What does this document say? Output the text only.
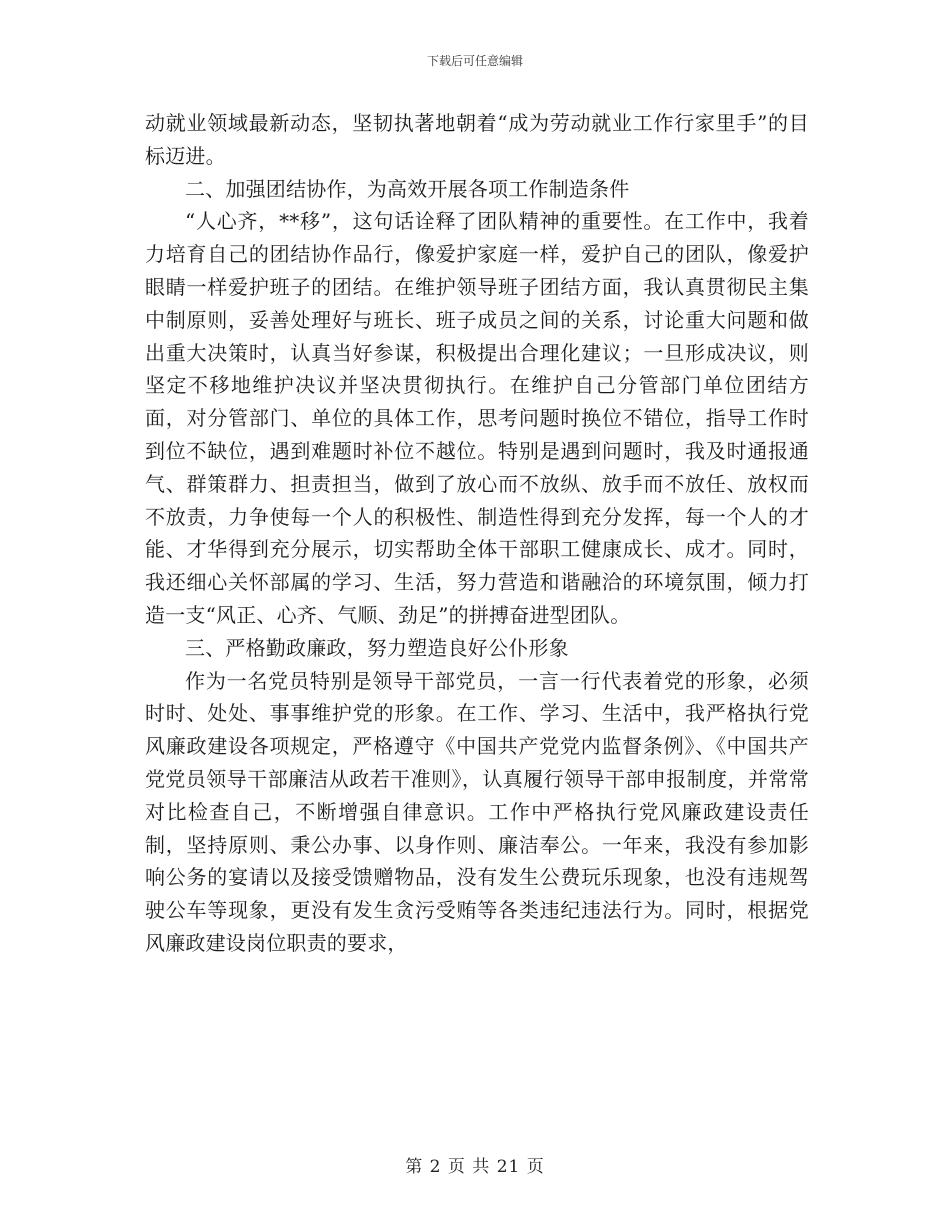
下载后可任意编辑

动就业领域最新动态，坚韧执著地朝着“成为劳动就业工作行家里手”的目标迈进。

二、加强团结协作，为高效开展各项工作制造条件

“人心齐，**移”，这句话诠释了团队精神的重要性。在工作中，我着力培育自己的团结协作品行，像爱护家庭一样，爱护自己的团队，像爱护眼睛一样爱护班子的团结。在维护领导班子团结方面，我认真贯彻民主集中制原则，妥善处理好与班长、班子成员之间的关系，讨论重大问题和做出重大决策时，认真当好参谋，积极提出合理化建议；一旦形成决议，则坚定不移地维护决议并坚决贯彻执行。在维护自己分管部门单位团结方面，对分管部门、单位的具体工作，思考问题时换位不错位，指导工作时到位不缺位，遇到难题时补位不越位。特别是遇到问题时，我及时通报通气、群策群力、担责担当，做到了放心而不放纵、放手而不放任、放权而不放责，力争使每一个人的积极性、制造性得到充分发挥，每一个人的才能、才华得到充分展示，切实帮助全体干部职工健康成长、成才。同时，我还细心关怀部属的学习、生活，努力营造和谐融洽的环境氛围，倾力打造一支“风正、心齐、气顺、劲足”的拼搏奋进型团队。

三、严格勤政廉政，努力塑造良好公仆形象

作为一名党员特别是领导干部党员，一言一行代表着党的形象，必须时时、处处、事事维护党的形象。在工作、学习、生活中，我严格执行党风廉政建设各项规定，严格遵守《中国共产党党内监督条例》、《中国共产党党员领导干部廉洁从政若干准则》，认真履行领导干部申报制度，并常常对比检查自己，不断增强自律意识。工作中严格执行党风廉政建设责任制，坚持原则、秉公办事、以身作则、廉洁奉公。一年来，我没有参加影响公务的宴请以及接受馈赠物品，没有发生公费玩乐现象，也没有违规驾驶公车等现象，更没有发生贪污受贿等各类违纪违法行为。同时，根据党风廉政建设岗位职责的要求，

第 2 页 共 21 页
